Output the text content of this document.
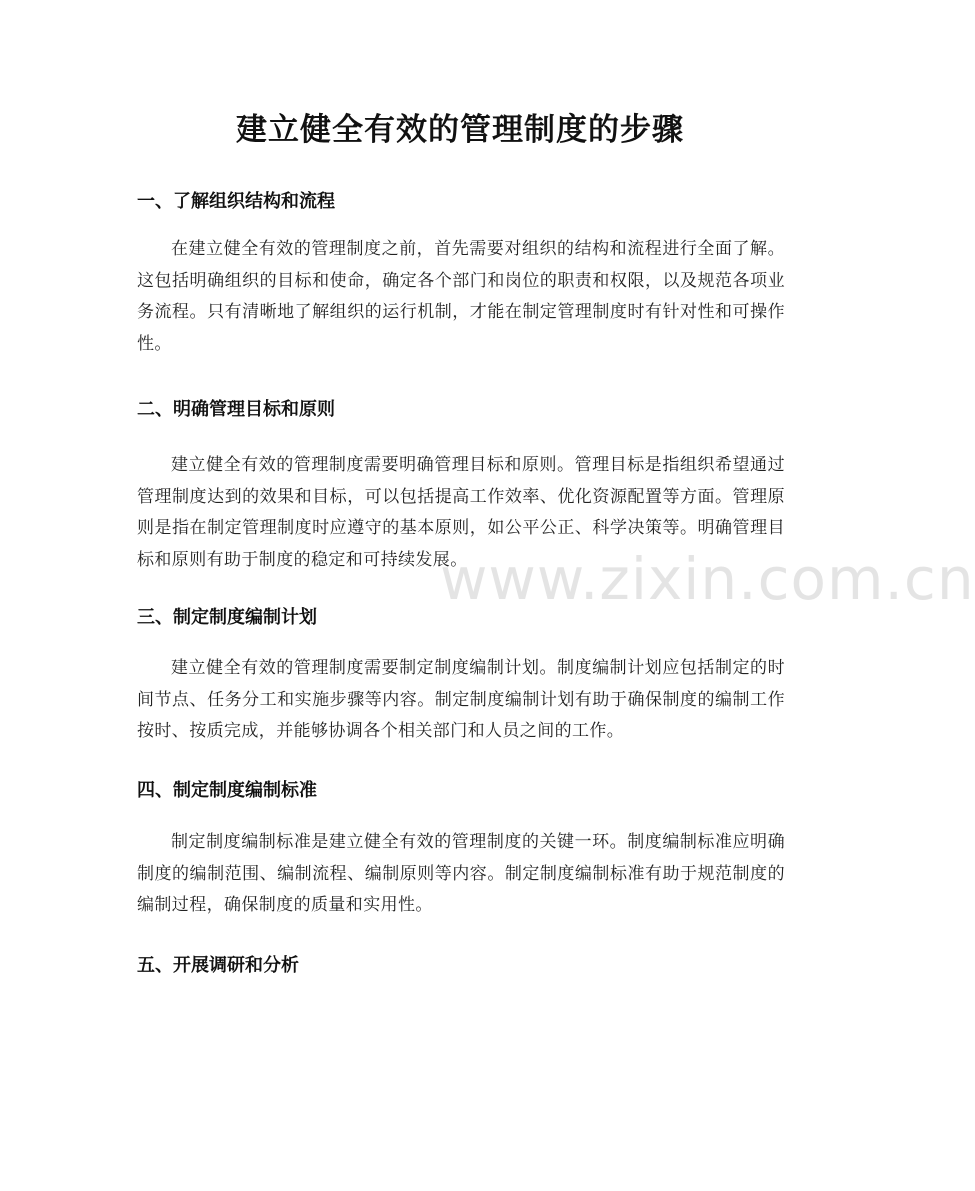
建立健全有效的管理制度的步骤
一、了解组织结构和流程

在建立健全有效的管理制度之前，首先需要对组织的结构和流程进行全面了解。这包括明确组织的目标和使命，确定各个部门和岗位的职责和权限，以及规范各项业务流程。只有清晰地了解组织的运行机制，才能在制定管理制度时有针对性和可操作性。

二、明确管理目标和原则

建立健全有效的管理制度需要明确管理目标和原则。管理目标是指组织希望通过管理制度达到的效果和目标，可以包括提高工作效率、优化资源配置等方面。管理原则是指在制定管理制度时应遵守的基本原则，如公平公正、科学决策等。明确管理目标和原则有助于制度的稳定和可持续发展。

三、制定制度编制计划

建立健全有效的管理制度需要制定制度编制计划。制度编制计划应包括制定的时间节点、任务分工和实施步骤等内容。制定制度编制计划有助于确保制度的编制工作按时、按质完成，并能够协调各个相关部门和人员之间的工作。

四、制定制度编制标准

制定制度编制标准是建立健全有效的管理制度的关键一环。制度编制标准应明确制度的编制范围、编制流程、编制原则等内容。制定制度编制标准有助于规范制度的编制过程，确保制度的质量和实用性。

五、开展调研和分析
www.zixin.com.cn
